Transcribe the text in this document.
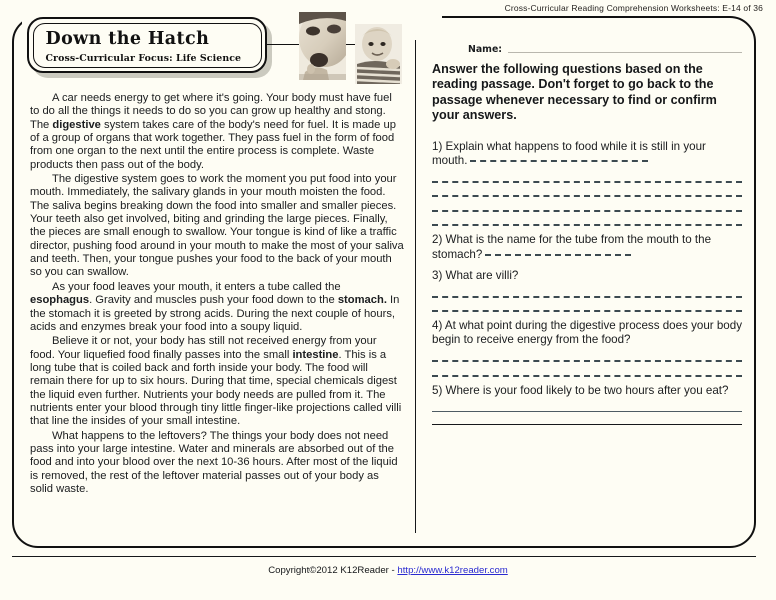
Cross-Curricular Reading Comprehension Worksheets: E-14 of 36
Down the Hatch
Cross-Curricular Focus: Life Science

A car needs energy to get where it's going. Your body must have fuel to do all the things it needs to do so you can grow up healthy and stong. The digestive system takes care of the body's need for fuel. It is made up of a group of organs that work together. They pass fuel in the form of food from one organ to the next until the entire process is complete. Waste products then pass out of the body.

The digestive system goes to work the moment you put food into your mouth. Immediately, the salivary glands in your mouth moisten the food. The saliva begins breaking down the food into smaller and smaller pieces. Your teeth also get involved, biting and grinding the large pieces. Finally, the pieces are small enough to swallow. Your tongue is kind of like a traffic director, pushing food around in your mouth to make the most of your saliva and teeth. Then, your tongue pushes your food to the back of your mouth so you can swallow.

As your food leaves your mouth, it enters a tube called the esophagus. Gravity and muscles push your food down to the stomach. In the stomach it is greeted by strong acids. During the next couple of hours, acids and enzymes break your food into a soupy liquid.

Believe it or not, your body has still not received energy from your food. Your liquefied food finally passes into the small intestine. This is a long tube that is coiled back and forth inside your body. The food will remain there for up to six hours. During that time, special chemicals digest the liquid even further. Nutrients your body needs are pulled from it. The nutrients enter your blood through tiny little finger-like projections called villi that line the insides of your small intestine.

What happens to the leftovers? The things your body does not need pass into your large intestine. Water and minerals are absorbed out of the food and into your blood over the next 10-36 hours. After most of the liquid is removed, the rest of the leftover material passes out of your body as solid waste.

Name:
Answer the following questions based on the reading passage. Don't forget to go back to the passage whenever necessary to find or confirm your answers.
1) Explain what happens to food while it is still in your mouth.
2) What is the name for the tube from the mouth to the stomach?
3) What are villi?
4) At what point during the digestive process does your body begin to receive energy from the food?
5) Where is your food likely to be two hours after you eat?
Copyright©2012 K12Reader - http://www.k12reader.com
